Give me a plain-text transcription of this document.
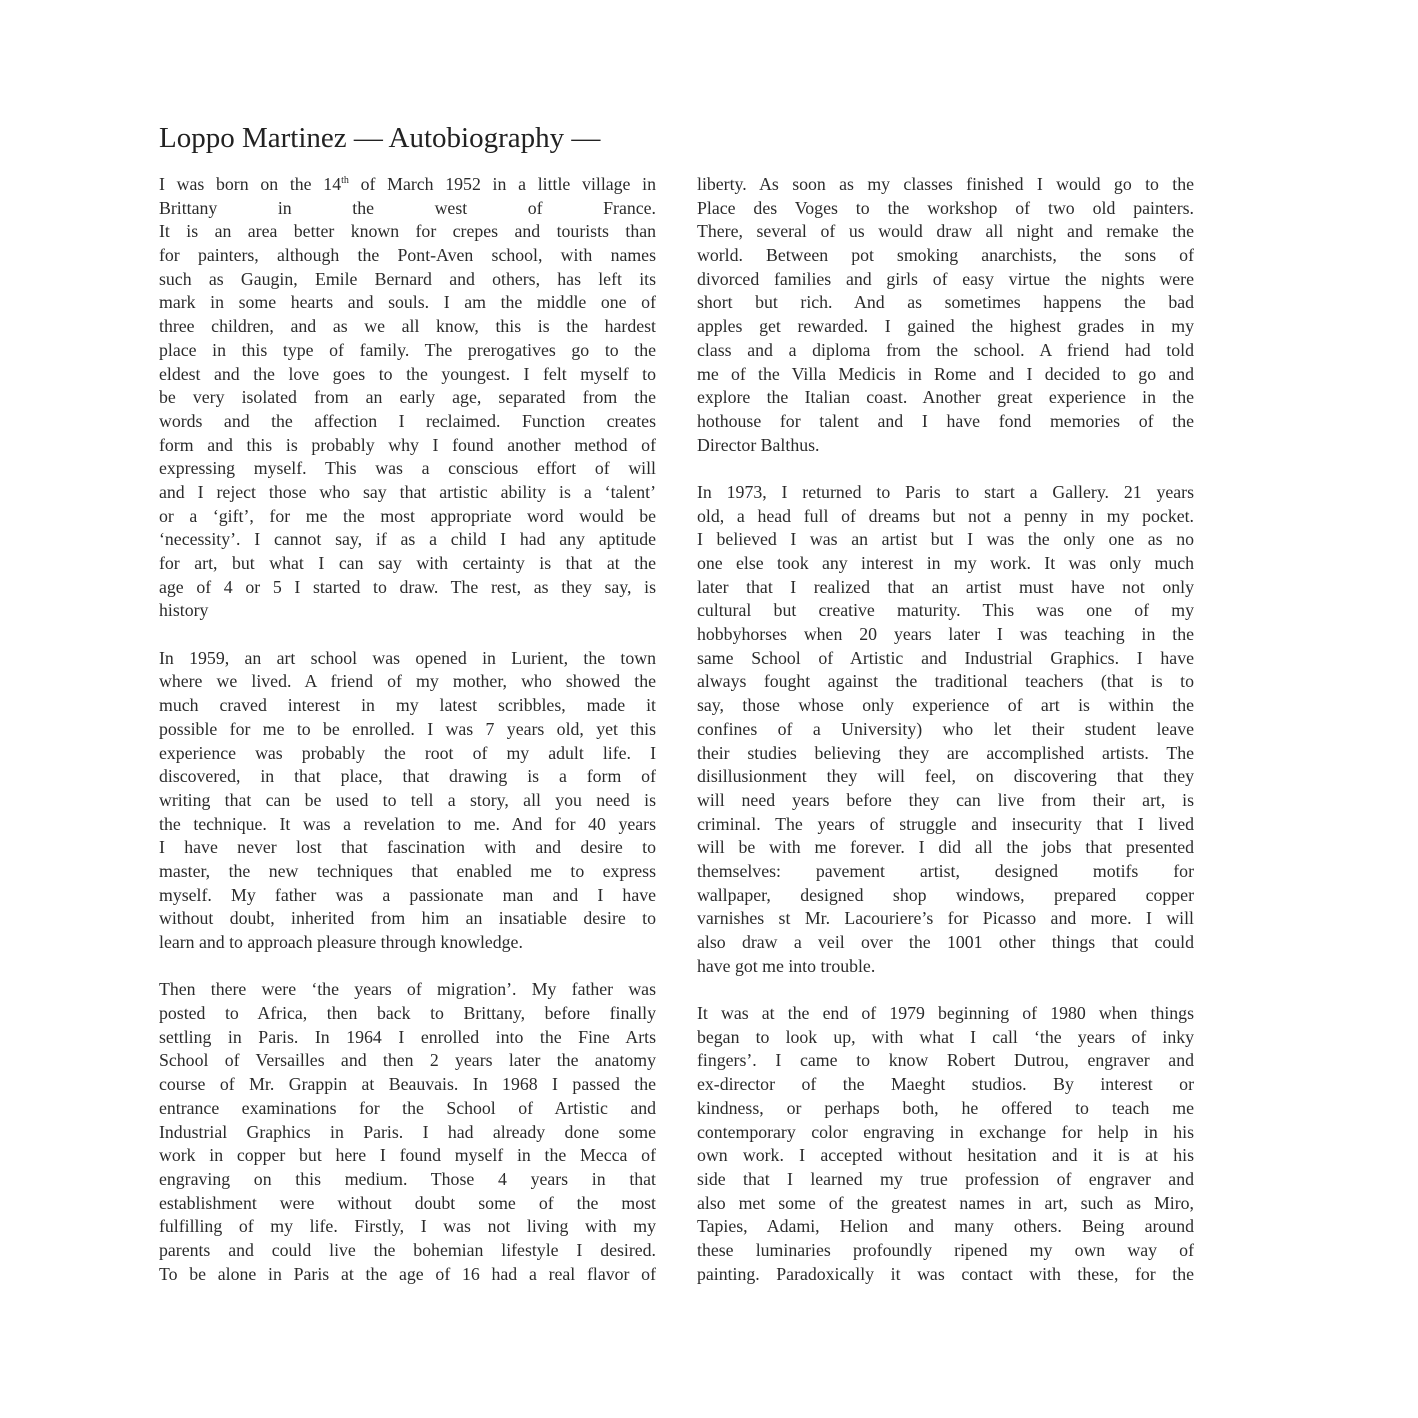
Loppo Martinez — Autobiography —
I was born on the 14th of March 1952 in a little village in
Brittany in the west of France.
It is an area better known for crepes and tourists than
for painters, although the Pont-Aven school, with names
such as Gaugin, Emile Bernard and others, has left its
mark in some hearts and souls. I am the middle one of
three children, and as we all know, this is the hardest
place in this type of family. The prerogatives go to the
eldest and the love goes to the youngest. I felt myself to
be very isolated from an early age, separated from the
words and the affection I reclaimed. Function creates
form and this is probably why I found another method of
expressing myself. This was a conscious effort of will
and I reject those who say that artistic ability is a ‘talent’
or a ‘gift’, for me the most appropriate word would be
‘necessity’. I cannot say, if as a child I had any aptitude
for art, but what I can say with certainty is that at the
age of 4 or 5 I started to draw. The rest, as they say, is
history
In 1959, an art school was opened in Lurient, the town
where we lived. A friend of my mother, who showed the
much craved interest in my latest scribbles, made it
possible for me to be enrolled. I was 7 years old, yet this
experience was probably the root of my adult life. I
discovered, in that place, that drawing is a form of
writing that can be used to tell a story, all you need is
the technique. It was a revelation to me. And for 40 years
I have never lost that fascination with and desire to
master, the new techniques that enabled me to express
myself. My father was a passionate man and I have
without doubt, inherited from him an insatiable desire to
learn and to approach pleasure through knowledge.
Then there were ‘the years of migration’. My father was
posted to Africa, then back to Brittany, before finally
settling in Paris. In 1964 I enrolled into the Fine Arts
School of Versailles and then 2 years later the anatomy
course of Mr. Grappin at Beauvais. In 1968 I passed the
entrance examinations for the School of Artistic and
Industrial Graphics in Paris. I had already done some
work in copper but here I found myself in the Mecca of
engraving on this medium. Those 4 years in that
establishment were without doubt some of the most
fulfilling of my life. Firstly, I was not living with my
parents and could live the bohemian lifestyle I desired.
To be alone in Paris at the age of 16 had a real flavor of
liberty. As soon as my classes finished I would go to the
Place des Voges to the workshop of two old painters.
There, several of us would draw all night and remake the
world. Between pot smoking anarchists, the sons of
divorced families and girls of easy virtue the nights were
short but rich. And as sometimes happens the bad
apples get rewarded. I gained the highest grades in my
class and a diploma from the school. A friend had told
me of the Villa Medicis in Rome and I decided to go and
explore the Italian coast. Another great experience in the
hothouse for talent and I have fond memories of the
Director Balthus.
In 1973, I returned to Paris to start a Gallery. 21 years
old, a head full of dreams but not a penny in my pocket.
I believed I was an artist but I was the only one as no
one else took any interest in my work. It was only much
later that I realized that an artist must have not only
cultural but creative maturity. This was one of my
hobbyhorses when 20 years later I was teaching in the
same School of Artistic and Industrial Graphics. I have
always fought against the traditional teachers (that is to
say, those whose only experience of art is within the
confines of a University) who let their student leave
their studies believing they are accomplished artists. The
disillusionment they will feel, on discovering that they
will need years before they can live from their art, is
criminal. The years of struggle and insecurity that I lived
will be with me forever. I did all the jobs that presented
themselves: pavement artist, designed motifs for
wallpaper, designed shop windows, prepared copper
varnishes st Mr. Lacouriere’s for Picasso and more. I will
also draw a veil over the 1001 other things that could
have got me into trouble.
It was at the end of 1979 beginning of 1980 when things
began to look up, with what I call ‘the years of inky
fingers’. I came to know Robert Dutrou, engraver and
ex-director of the Maeght studios. By interest or
kindness, or perhaps both, he offered to teach me
contemporary color engraving in exchange for help in his
own work. I accepted without hesitation and it is at his
side that I learned my true profession of engraver and
also met some of the greatest names in art, such as Miro,
Tapies, Adami, Helion and many others. Being around
these luminaries profoundly ripened my own way of
painting. Paradoxically it was contact with these, for the
